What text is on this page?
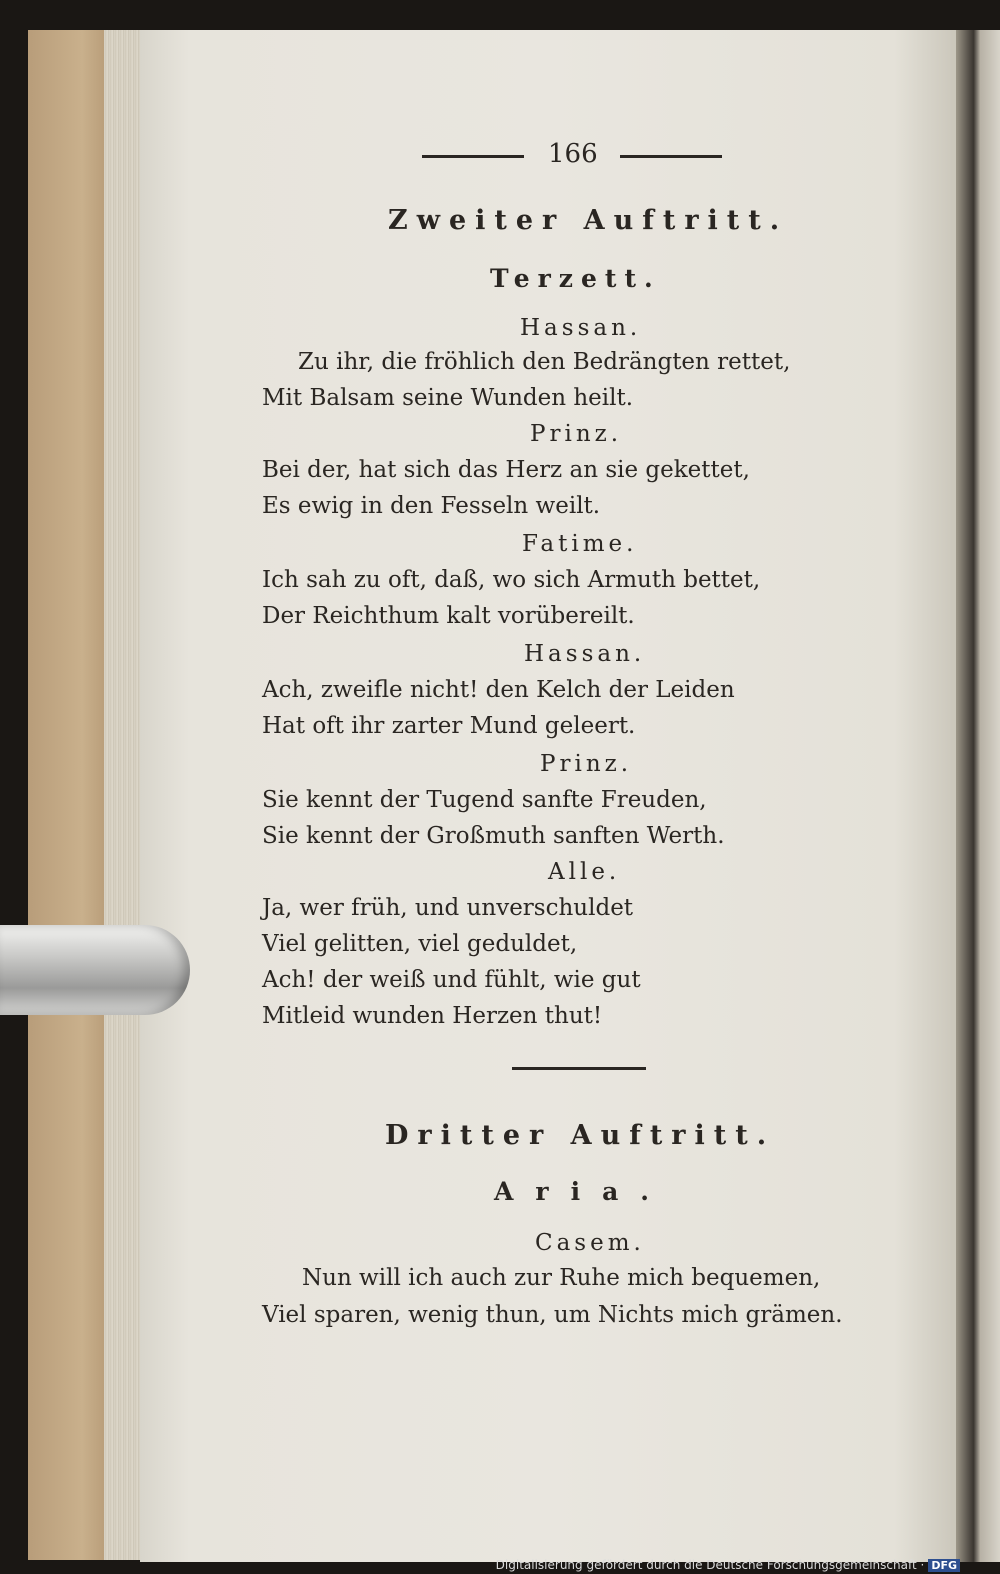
166
Zweiter Auftritt.
Terzett.
Hassan.
Zu ihr, die fröhlich den Bedrängten rettet,
Mit Balsam seine Wunden heilt.
Prinz.
Bei der, hat sich das Herz an sie gekettet,
Es ewig in den Fesseln weilt.
Fatime.
Ich sah zu oft, daß, wo sich Armuth bettet,
Der Reichthum kalt vorübereilt.
Hassan.
Ach, zweifle nicht! den Kelch der Leiden
Hat oft ihr zarter Mund geleert.
Prinz.
Sie kennt der Tugend sanfte Freuden,
Sie kennt der Großmuth sanften Werth.
Alle.
Ja, wer früh, und unverschuldet
Viel gelitten, viel geduldet,
Ach! der weiß und fühlt, wie gut
Mitleid wunden Herzen thut!
Dritter Auftritt.
Aria.
Casem.
Nun will ich auch zur Ruhe mich bequemen,
Viel sparen, wenig thun, um Nichts mich grämen.
Digitalisierung gefördert durch die Deutsche Forschungsgemeinschaft · DFG
